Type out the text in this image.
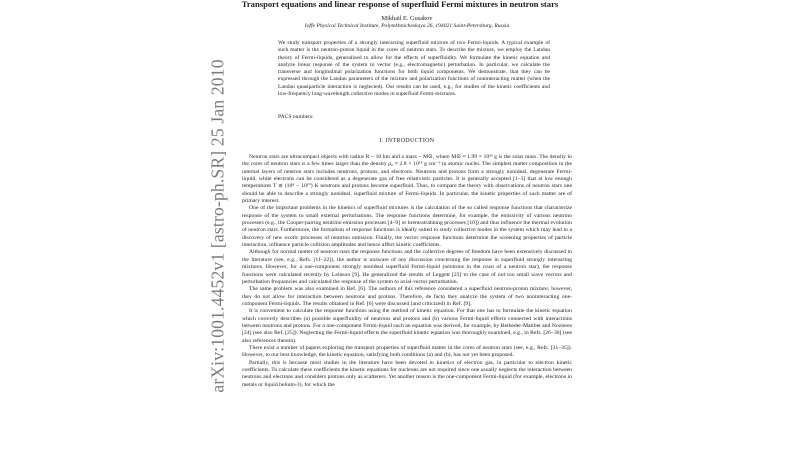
arXiv:1001.4452v1 [astro-ph.SR] 25 Jan 2010
Transport equations and linear response of superfluid Fermi mixtures in neutron stars
Mikhail E. Gusakov
Ioffe Physical Technical Institute, Polytekhnicheskaya 26, 194021 Saint-Petersburg, Russia
We study transport properties of a strongly interacting superfluid mixture of two Fermi-liquids. A typical example of such matter is the neutron-proton liquid in the cores of neutron stars. To describe the mixture, we employ the Landau theory of Fermi-liquids, generalized to allow for the effects of superfluidity. We formulate the kinetic equation and analyze linear response of the system to vector (e.g., electromagnetic) perturbation. In particular, we calculate the transverse and longitudinal polarization functions for both liquid components. We demonstrate, that they can be expressed through the Landau parameters of the mixture and polarization functions of noninteracting matter (when the Landau quasiparticle interaction is neglected). Our results can be used, e.g., for studies of the kinetic coefficients and low-frequency long-wavelength collective modes in superfluid Fermi-mixtures.
PACS numbers:
I. INTRODUCTION

Neutron stars are ultracompact objects with radius R ~ 10 km and a mass ~ M⊙, where M⊙ ≈ 1.99 × 10³³ g is the solar mass. The density in the cores of neutron stars is a few times larger than the density ρ₀ ≈ 2.8 × 10¹⁴ g cm⁻³ in atomic nuclei. The simplest matter composition in the internal layers of neutron stars includes neutrons, protons, and electrons. Neutrons and protons form a strongly nonideal, degenerate Fermi-liquid, while electrons can be considered as a degenerate gas of free relativistic particles. It is generally accepted [1–3] that at low enough temperatures T ≲ (10⁸ − 10¹⁰) K neutrons and protons become superfluid. Thus, to compare the theory with observations of neutron stars one should be able to describe a strongly nonideal, superfluid mixture of Fermi-liquids. In particular, the kinetic properties of such matter are of primary interest.

One of the important problems in the kinetics of superfluid mixtures is the calculation of the so called response functions that characterize response of the system to small external perturbations. The response functions determine, for example, the emissivity of various neutrino processes (e.g., the Cooper-pairing neutrino emission processes [4–9] or bremsstrahlung processes [10]) and thus influence the thermal evolution of neutron stars. Furthermore, the formalism of response functions is ideally suited to study collective modes in the system which may lead to a discovery of new exotic processes of neutrino emission. Finally, the vector response functions determine the screening properties of particle interaction, influence particle collision amplitudes and hence affect kinetic coefficients.

Although for normal matter of neutron stars the response functions and the collective degrees of freedom have been extensively discussed in the literature (see, e.g., Refs. [11–22]), the author is unaware of any discussion concerning the response in superfluid strongly interacting mixtures. However, for a one-component strongly nonideal superfluid Fermi-liquid (neutrons in the crust of a neutron star), the response functions were calculated recently by Leinson [9]. He generalized the results of Leggett [23] to the case of not too small wave vectors and perturbation frequencies and calculated the response of the system to axial-vector perturbation.

The same problem was also examined in Ref. [6]. The authors of this reference considered a superfluid neutron-proton mixture; however, they do not allow for interaction between neutrons and protons. Therefore, de facto they analyze the system of two noninteracting one-component Fermi-liquids. The results obtained in Ref. [6] were discussed (and criticized) in Ref. [9].

It is convenient to calculate the response functions using the method of kinetic equation. For that one has to formulate the kinetic equation which correctly describes (a) possible superfluidity of neutrons and protons and (b) various Fermi-liquid effects connected with interactions between neutrons and protons. For a one-component Fermi-liquid such an equation was derived, for example, by Betbeder-Matibet and Nozieres [24] (see also Ref. [25]). Neglecting the Fermi-liquid effects the superfluid kinetic equation was thoroughly examined, e.g., in Refs. [26–30] (see also references therein).

There exist a number of papers exploring the transport properties of superfluid matter in the cores of neutron stars (see, e.g., Refs. [31–35]). However, to our best knowledge, the kinetic equation, satisfying both conditions (a) and (b), has not yet been proposed.

Partially, this is because most studies in the literature have been devoted to kinetics of electron gas, in particular to electron kinetic coefficients. To calculate these coefficients the kinetic equations for nucleons are not required since one usually neglects the interaction between neutrons and electrons and considers protons only as scatterers. Yet another reason is the one-component Fermi-liquid (for example, electrons in metals or liquid helium-3), for which the
